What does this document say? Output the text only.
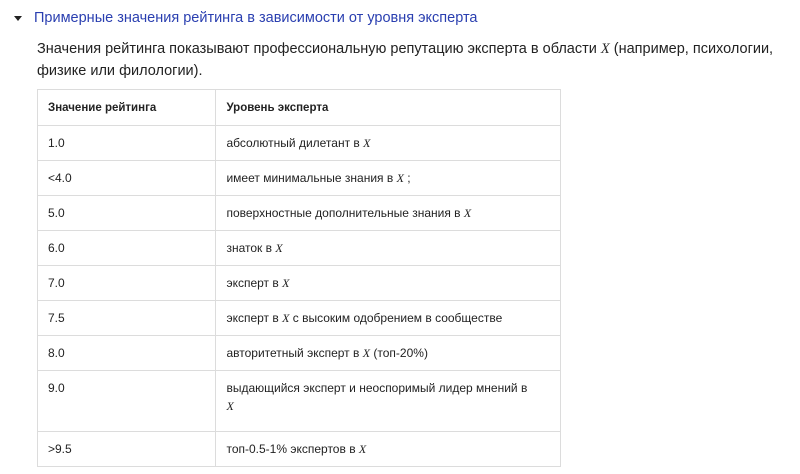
Примерные значения рейтинга в зависимости от уровня эксперта
Значения рейтинга показывают профессиональную репутацию эксперта в области X (например, психологии, физике или филологии).
Значение рейтинга	Уровень эксперта
1.0	абсолютный дилетант в X
<4.0	имеет минимальные знания в X ;
5.0	поверхностные дополнительные знания в X
6.0	знаток в X
7.0	эксперт в X
7.5	эксперт в X с высоким одобрением в сообществе
8.0	авторитетный эксперт в X (топ-20%)
9.0	выдающийся эксперт и неоспоримый лидер мнений в
X
>9.5	топ-0.5-1% экспертов в X
